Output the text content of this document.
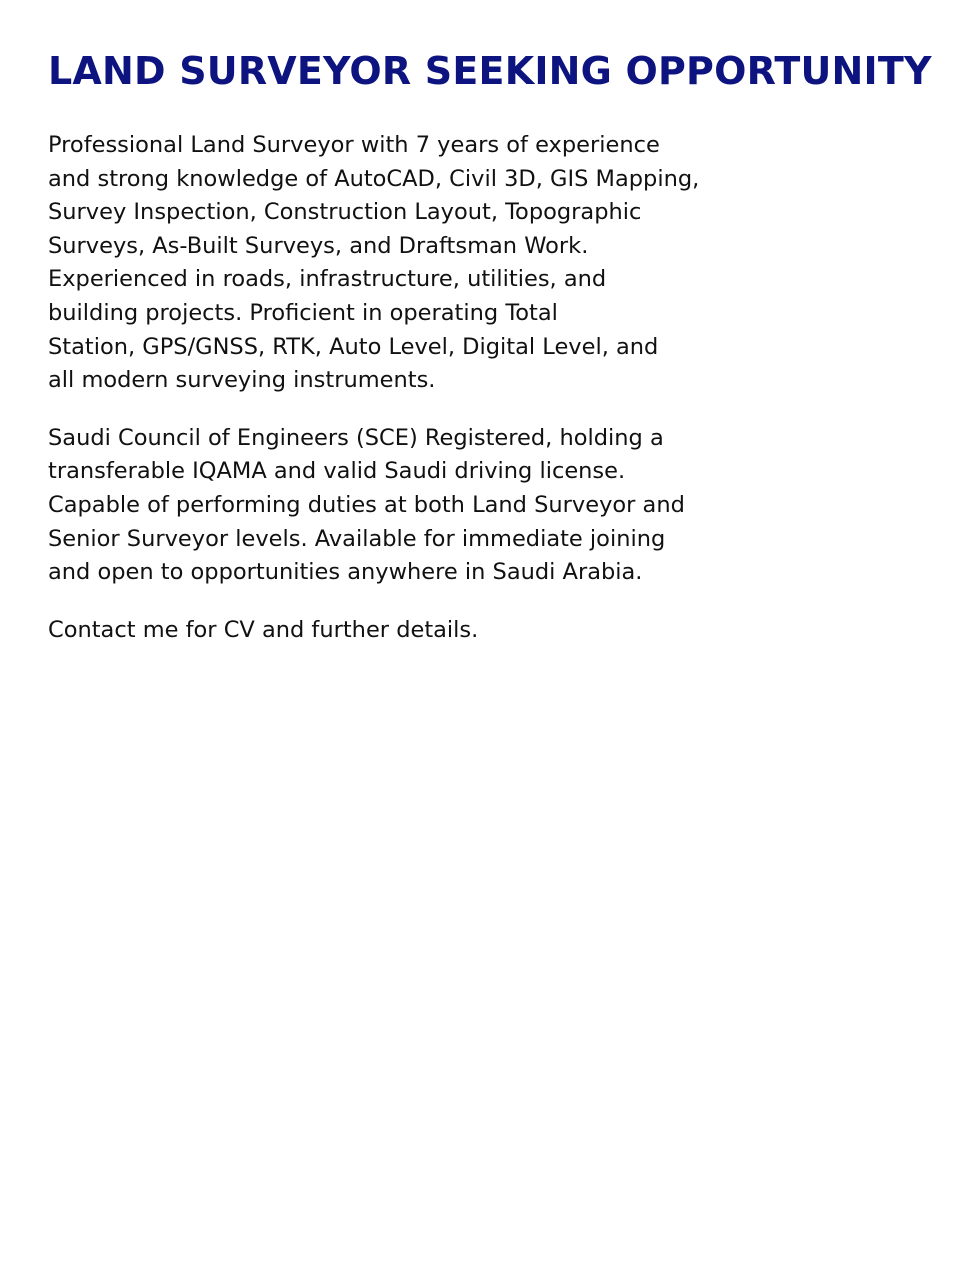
LAND SURVEYOR SEEKING OPPORTUNITY

Professional Land Surveyor with 7 years of experience
and strong knowledge of AutoCAD, Civil 3D, GIS Mapping,
Survey Inspection, Construction Layout, Topographic
Surveys, As-Built Surveys, and Draftsman Work.
Experienced in roads, infrastructure, utilities, and
building projects. Proficient in operating Total
Station, GPS/GNSS, RTK, Auto Level, Digital Level, and
all modern surveying instruments.

Saudi Council of Engineers (SCE) Registered, holding a
transferable IQAMA and valid Saudi driving license.
Capable of performing duties at both Land Surveyor and
Senior Surveyor levels. Available for immediate joining
and open to opportunities anywhere in Saudi Arabia.

Contact me for CV and further details.
